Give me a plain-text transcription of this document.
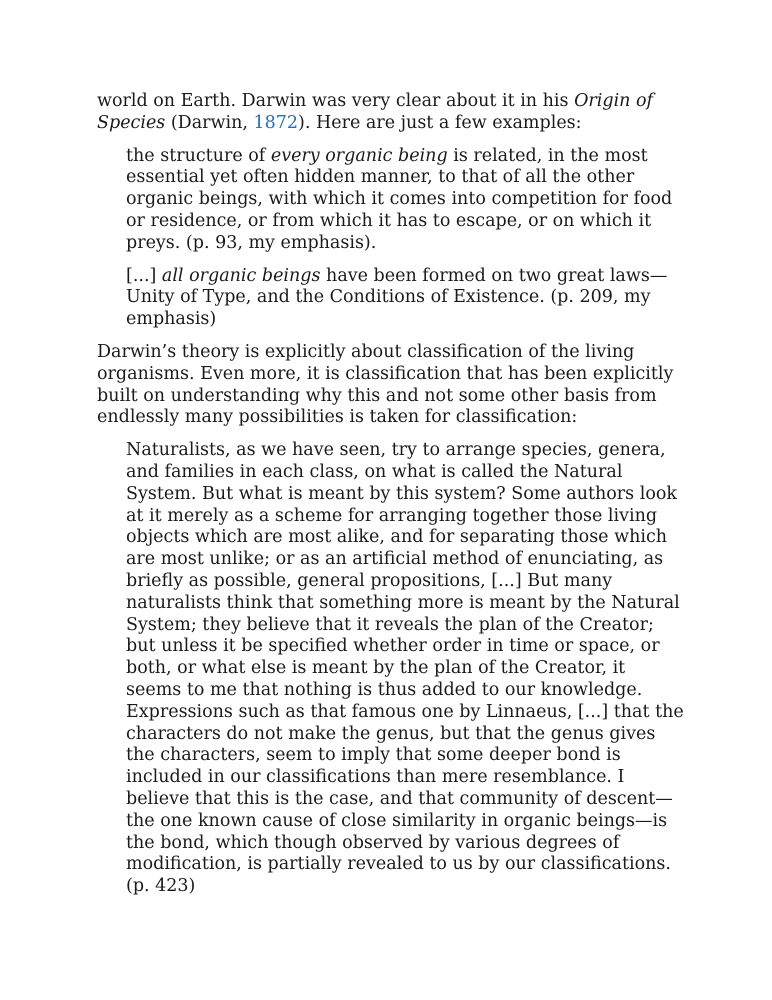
world on Earth. Darwin was very clear about it in his Origin of Species (Darwin, 1872). Here are just a few examples:

the structure of every organic being is related, in the most essential yet often hidden manner, to that of all the other organic beings, with which it comes into competition for food or residence, or from which it has to escape, or on which it preys. (p. 93, my emphasis).

[...] all organic beings have been formed on two great laws—Unity of Type, and the Conditions of Existence. (p. 209, my emphasis)

Darwin’s theory is explicitly about classification of the living organisms. Even more, it is classification that has been explicitly built on understanding why this and not some other basis from endlessly many possibilities is taken for classification:

Naturalists, as we have seen, try to arrange species, genera, and families in each class, on what is called the Natural System. But what is meant by this system? Some authors look at it merely as a scheme for arranging together those living objects which are most alike, and for separating those which are most unlike; or as an artificial method of enunciating, as briefly as possible, general propositions, [...] But many naturalists think that something more is meant by the Natural System; they believe that it reveals the plan of the Creator; but unless it be specified whether order in time or space, or both, or what else is meant by the plan of the Creator, it seems to me that nothing is thus added to our knowledge. Expressions such as that famous one by Linnaeus, [...] that the characters do not make the genus, but that the genus gives the characters, seem to imply that some deeper bond is included in our classifications than mere resemblance. I believe that this is the case, and that community of descent—the one known cause of close similarity in organic beings—is the bond, which though observed by various degrees of modification, is partially revealed to us by our classifications. (p. 423)
